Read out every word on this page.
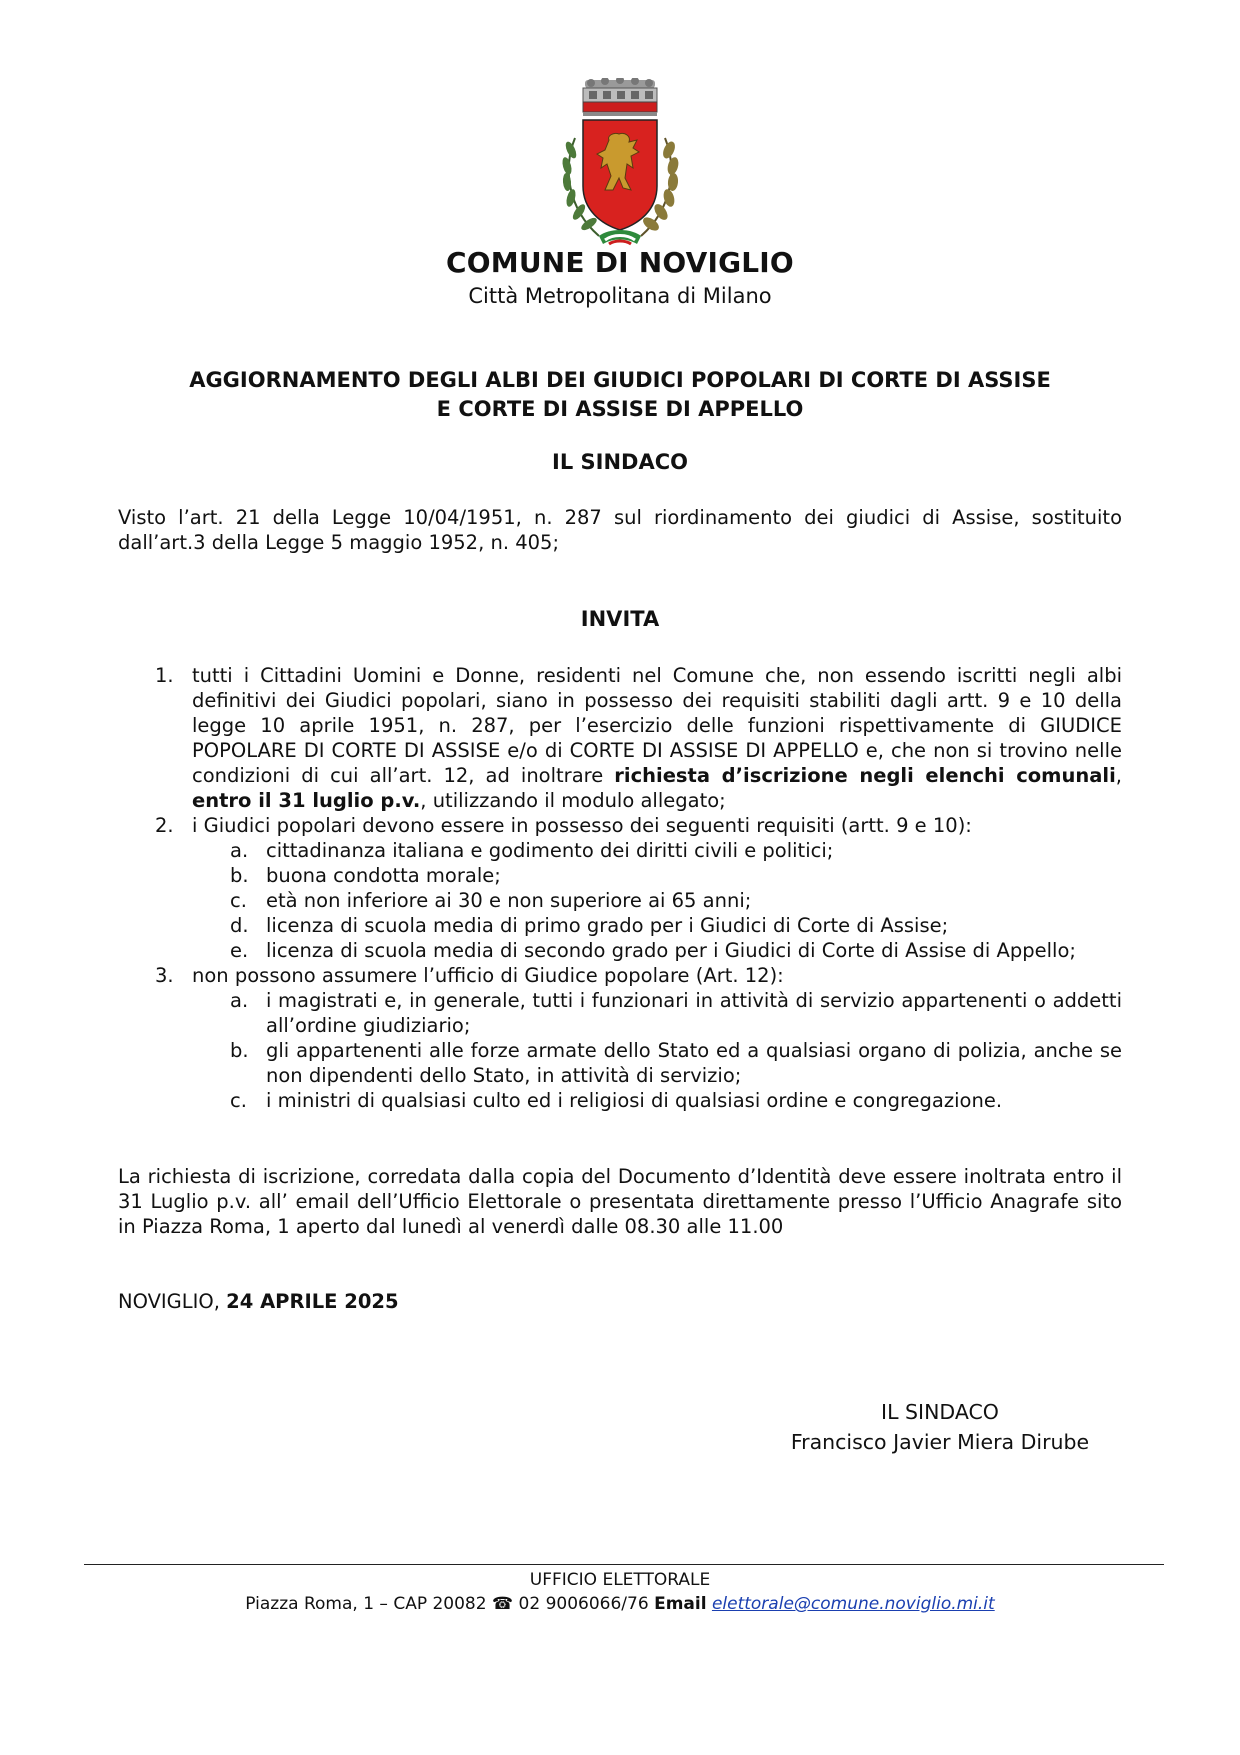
COMUNE DI NOVIGLIO
Città Metropolitana di Milano
AGGIORNAMENTO DEGLI ALBI DEI GIUDICI POPOLARI DI CORTE DI ASSISE
E CORTE DI ASSISE DI APPELLO
IL SINDACO
Visto l’art. 21 della Legge 10/04/1951, n. 287 sul riordinamento dei giudici di Assise, sostituito dall’art.3 della Legge 5 maggio 1952, n. 405;
INVITA
1. tutti i Cittadini Uomini e Donne, residenti nel Comune che, non essendo iscritti negli albi definitivi dei Giudici popolari, siano in possesso dei requisiti stabiliti dagli artt. 9 e 10 della legge 10 aprile 1951, n. 287, per l’esercizio delle funzioni rispettivamente di GIUDICE POPOLARE DI CORTE DI ASSISE e/o di CORTE DI ASSISE DI APPELLO e, che non si trovino nelle condizioni di cui all’art. 12, ad inoltrare richiesta d’iscrizione negli elenchi comunali, entro il 31 luglio p.v., utilizzando il modulo allegato;
2. i Giudici popolari devono essere in possesso dei seguenti requisiti (artt. 9 e 10):
a. cittadinanza italiana e godimento dei diritti civili e politici;
b. buona condotta morale;
c. età non inferiore ai 30 e non superiore ai 65 anni;
d. licenza di scuola media di primo grado per i Giudici di Corte di Assise;
e. licenza di scuola media di secondo grado per i Giudici di Corte di Assise di Appello;
3. non possono assumere l’ufficio di Giudice popolare (Art. 12):
a. i magistrati e, in generale, tutti i funzionari in attività di servizio appartenenti o addetti all’ordine giudiziario;
b. gli appartenenti alle forze armate dello Stato ed a qualsiasi organo di polizia, anche se non dipendenti dello Stato, in attività di servizio;
c. i ministri di qualsiasi culto ed i religiosi di qualsiasi ordine e congregazione.
La richiesta di iscrizione, corredata dalla copia del Documento d’Identità deve essere inoltrata entro il 31 Luglio p.v. all’ email dell’Ufficio Elettorale o presentata direttamente presso l’Ufficio Anagrafe sito in Piazza Roma, 1 aperto dal lunedì al venerdì dalle 08.30 alle 11.00
NOVIGLIO, 24 APRILE 2025
IL SINDACO
Francisco Javier Miera Dirube
UFFICIO ELETTORALE
Piazza Roma, 1 – CAP 20082 ☎ 02 9006066/76 Email elettorale@comune.noviglio.mi.it
